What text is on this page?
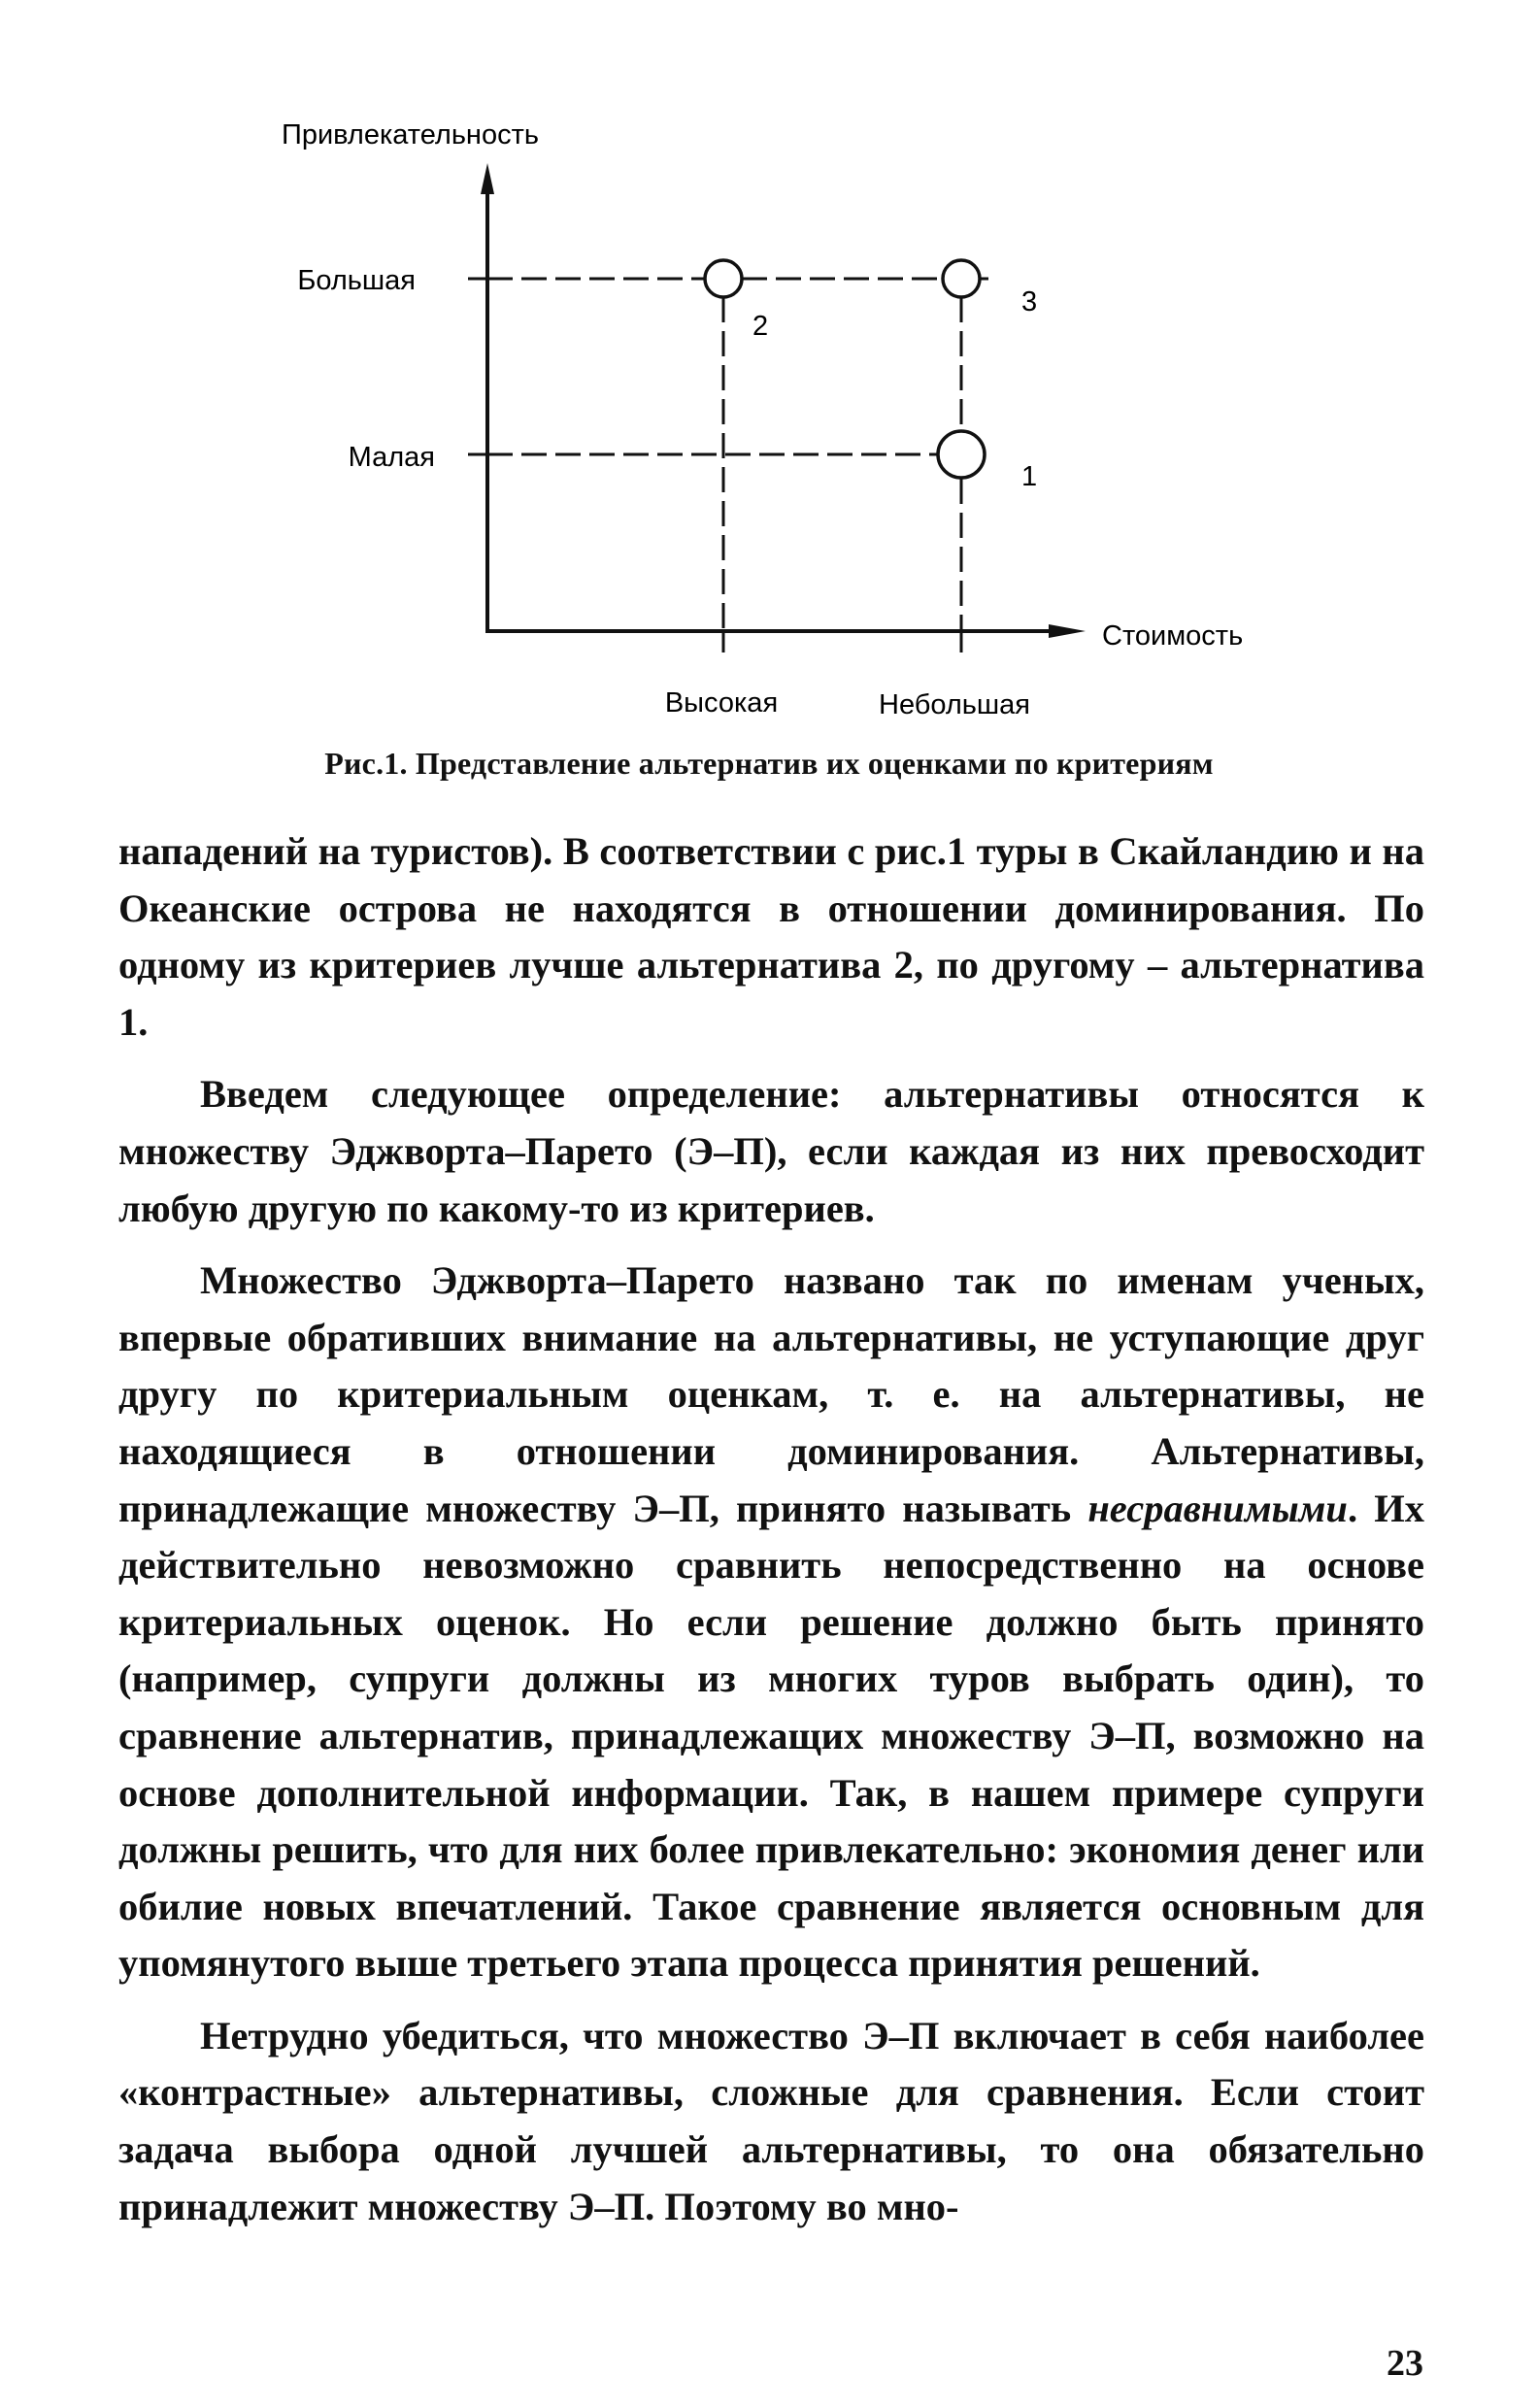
Привлекательность
Стоимость
Большая
Малая
Высокая	Небольшая
2
3
1
Рис.1. Представление альтернатив их оценками по критериям

нападений на туристов). В соответствии с рис.1 туры в Скайландию и на Океанские острова не находятся в отношении доминирования. По одному из критериев лучше альтернатива 2, по другому – альтернатива 1.

Введем следующее определение: альтернативы относятся к множеству Эджворта–Парето (Э–П), если каждая из них превосходит любую другую по какому-то из критериев.

Множество Эджворта–Парето названо так по именам ученых, впервые обративших внимание на альтернативы, не уступающие друг другу по критериальным оценкам, т. е. на альтернативы, не находящиеся в отношении доминирования. Альтернативы, принадлежащие множеству Э–П, принято называть несравнимыми. Их действительно невозможно сравнить непосредственно на основе критериальных оценок. Но если решение должно быть принято (например, супруги должны из многих туров выбрать один), то сравнение альтернатив, принадлежащих множеству Э–П, возможно на основе дополнительной информации. Так, в нашем примере супруги должны решить, что для них более привлекательно: экономия денег или обилие новых впечатлений. Такое сравнение является основным для упомянутого выше третьего этапа процесса принятия решений.

Нетрудно убедиться, что множество Э–П включает в себя наиболее «контрастные» альтернативы, сложные для сравнения. Если стоит задача выбора одной лучшей альтернативы, то она обязательно принадлежит множеству Э–П. Поэтому во мно-

23
